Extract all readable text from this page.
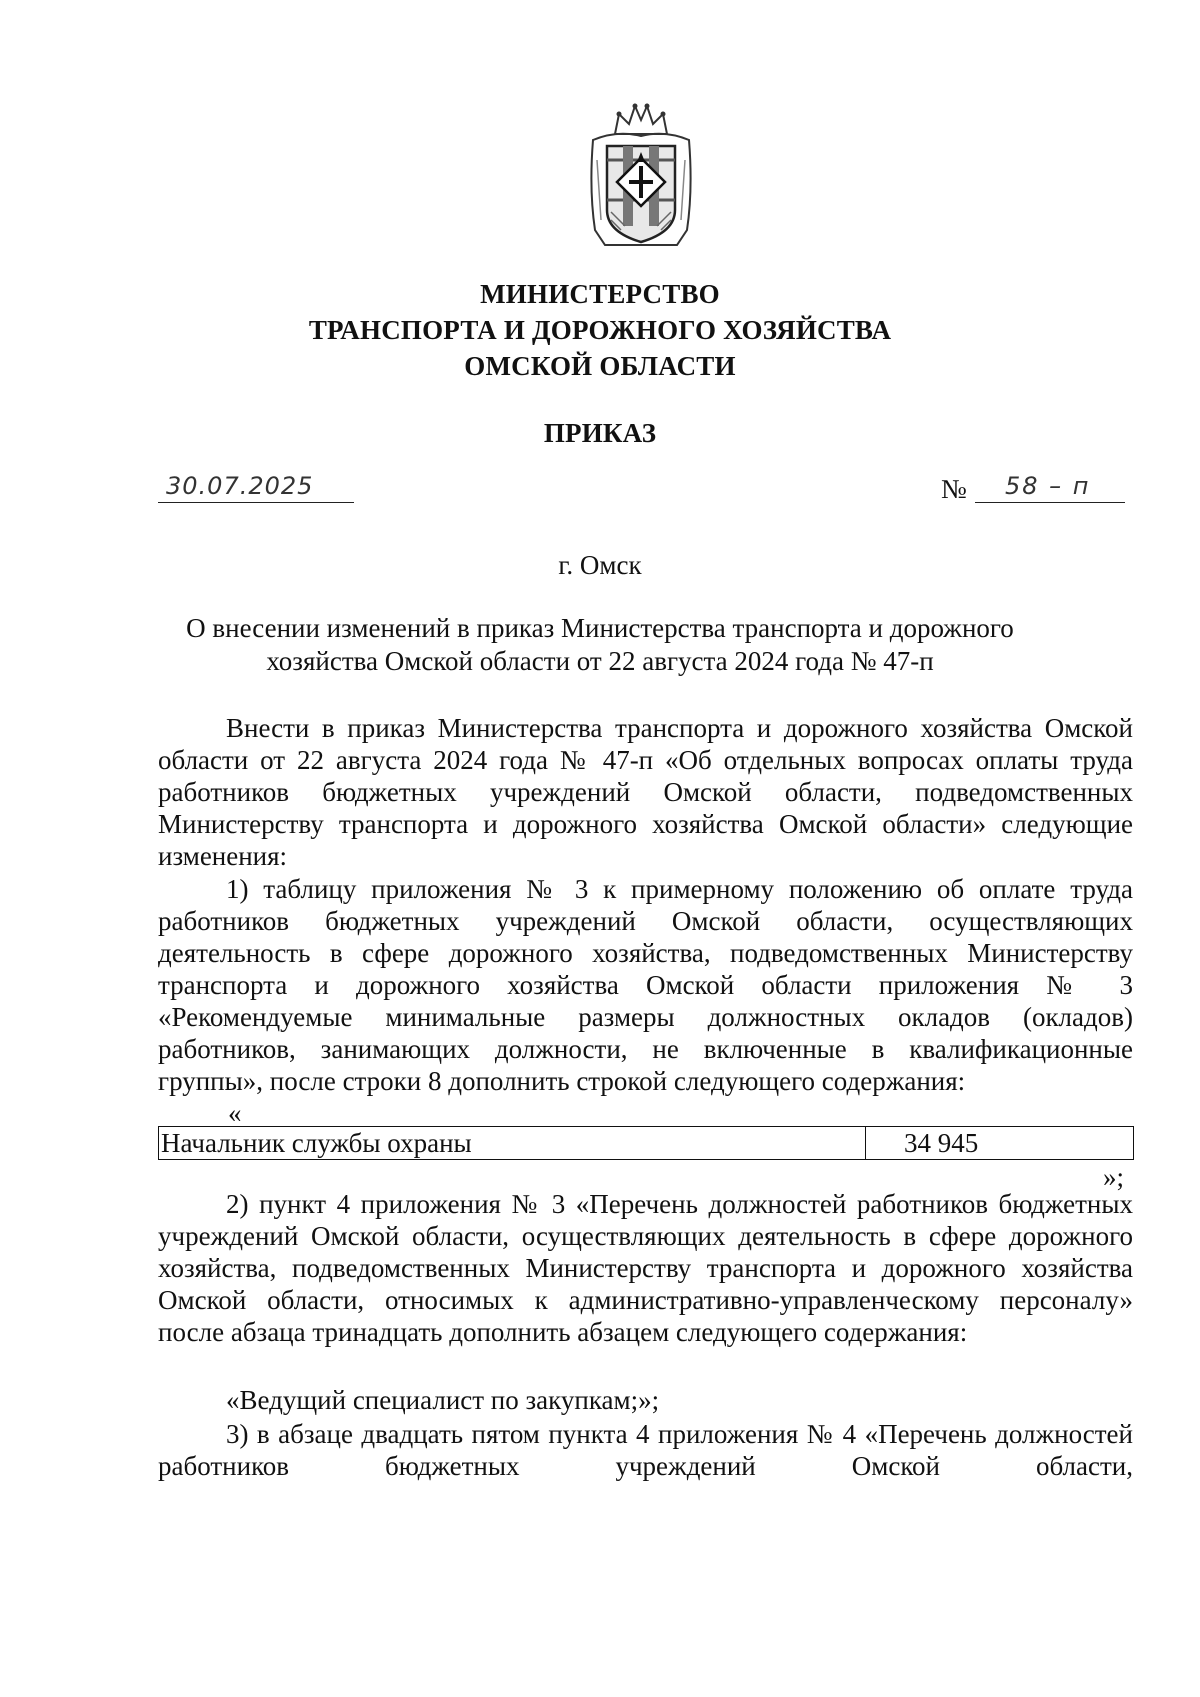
МИНИСТЕРСТВО
ТРАНСПОРТА И ДОРОЖНОГО ХОЗЯЙСТВА
ОМСКОЙ ОБЛАСТИ
ПРИКАЗ
30.07.2025	№ 58 – п
г. Омск
О внесении изменений в приказ Министерства транспорта и дорожного хозяйства Омской области от 22 августа 2024 года № 47-п

Внести в приказ Министерства транспорта и дорожного хозяйства Омской области от 22 августа 2024 года № 47-п «Об отдельных вопросах оплаты труда работников бюджетных учреждений Омской области, подведомственных Министерству транспорта и дорожного хозяйства Омской области» следующие изменения:

1) таблицу приложения № 3 к примерному положению об оплате труда работников бюджетных учреждений Омской области, осуществляющих деятельность в сфере дорожного хозяйства, подведомственных Министерству транспорта и дорожного хозяйства Омской области приложения № 3 «Рекомендуемые минимальные размеры должностных окладов (окладов) работников, занимающих должности, не включенные в квалификационные группы», после строки 8 дополнить строкой следующего содержания:

«
Начальник службы охраны	34 945
»;

2) пункт 4 приложения № 3 «Перечень должностей работников бюджетных учреждений Омской области, осуществляющих деятельность в сфере дорожного хозяйства, подведомственных Министерству транспорта и дорожного хозяйства Омской области, относимых к административно-управленческому персоналу» после абзаца тринадцать дополнить абзацем следующего содержания:

«Ведущий специалист по закупкам;»;

3) в абзаце двадцать пятом пункта 4 приложения № 4 «Перечень должностей работников бюджетных учреждений Омской области,
